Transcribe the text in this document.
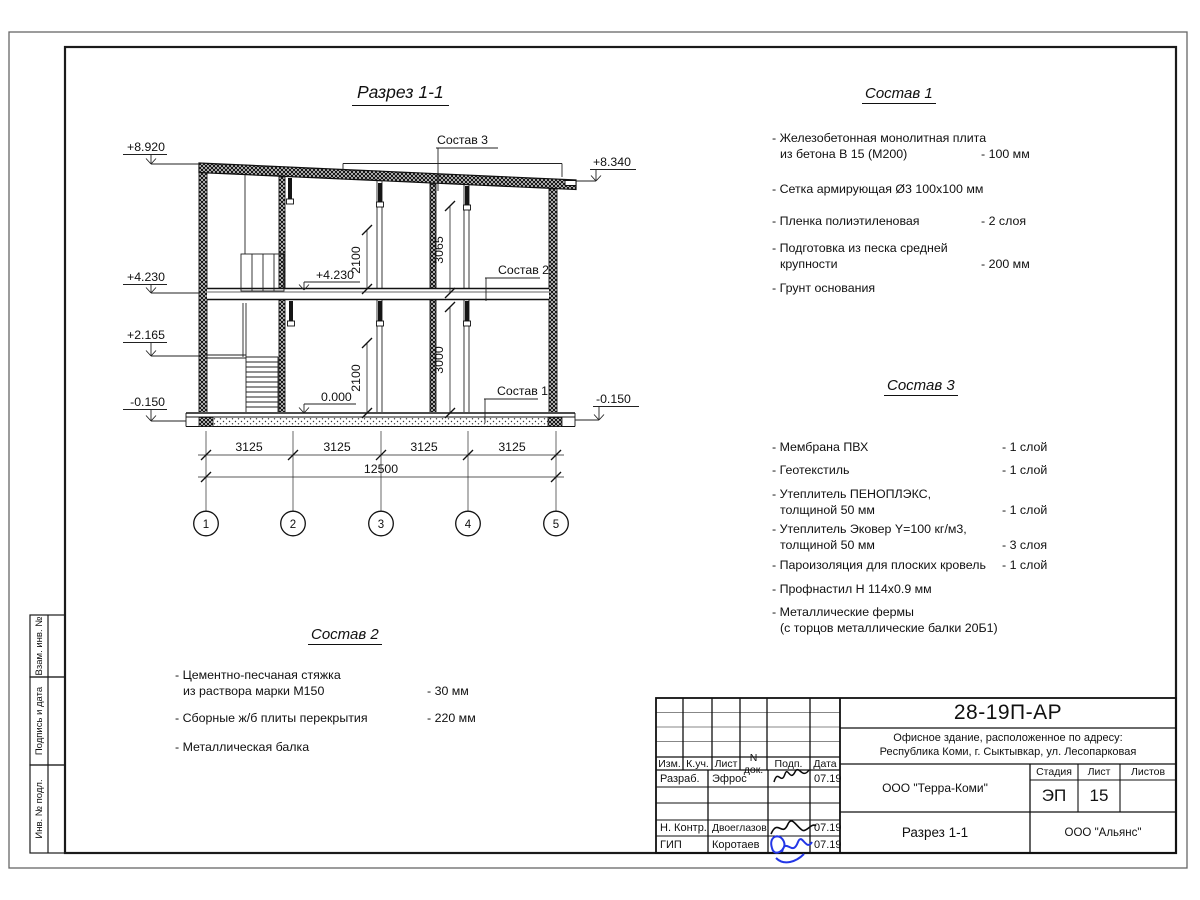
Взам. инв. №
Подпись и дата
Инв. № подл.
Состав 3
Состав 2
Состав 1
+8.920
+4.230
+2.165
-0.150
+8.340
-0.150
+4.230
0.000
2100	3065
2100
3000
3125	3125	3125	3125
12500
1	2	3	4	5
Разрез 1-1	Состав 1
Состав 3
Состав 2
- Железобетонная монолитная плита
из бетона В 15 (М200)	- 100 мм
- Сетка армирующая Ø3 100х100 мм
- Пленка полиэтиленовая	- 2 слоя
- Подготовка из песка средней
крупности	- 200 мм
- Грунт основания
- Мембрана ПВХ	- 1 слой
- Геотекстиль	- 1 слой
- Утеплитель ПЕНОПЛЭКС,
толщиной 50 мм	- 1 слой
- Утеплитель Эковер Y=100 кг/м3,
толщиной 50 мм	- 3 слоя
- Пароизоляция для плоских кровель	- 1 слой
- Профнастил Н 114х0.9 мм
- Металлические фермы
(с торцов металлические балки 20Б1)
- Цементно-песчаная стяжка
из раствора марки М150	- 30 мм
- Сборные ж/б плиты перекрытия	- 220 мм
- Металлическая балка
28-19П-АР
Офисное здание, расположенное по адресу:
Республика Коми, г. Сыктывкар, ул. Лесопарковая
ООО "Терра-Коми"
Стадия	Лист	Листов
ЭП	15
Разрез 1-1	ООО "Альянс"
Изм. К.уч. Лист	N док.	Подп.	Дата
Разраб.	Эфрос	07.19
Н. Контр. Двоеглазов	07.19
ГИП	Коротаев	07.19
